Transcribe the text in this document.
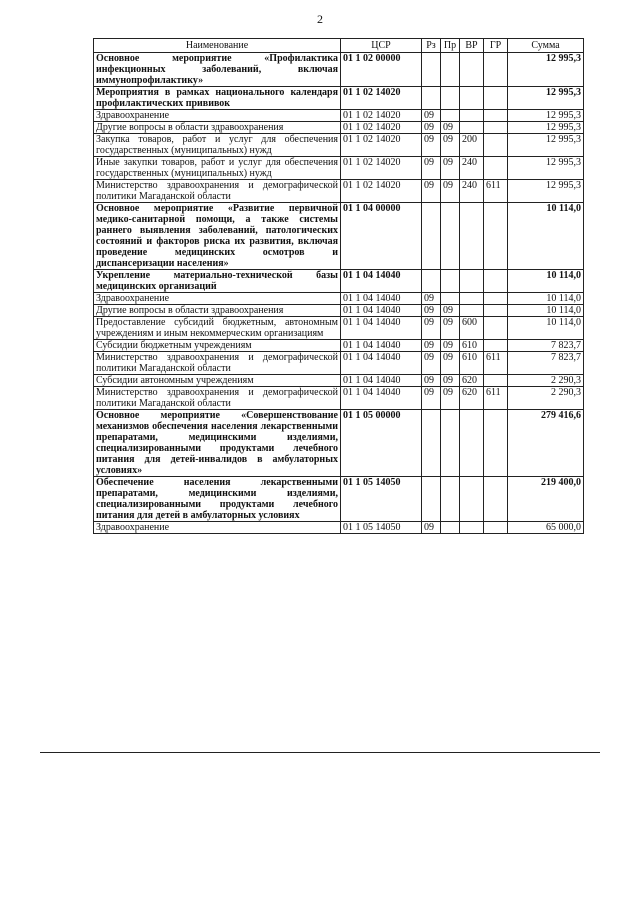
2
Наименование	ЦСР	Рз	Пр	ВР	ГР	Сумма
Основное мероприятие «Профилактика инфекционных заболеваний, включая иммунопрофилактику»	01 1 02 00000					12 995,3
Мероприятия в рамках национального календаря профилактических прививок	01 1 02 14020					12 995,3
Здравоохранение	01 1 02 14020	09				12 995,3
Другие вопросы в области здравоохранения	01 1 02 14020	09	09			12 995,3
Закупка товаров, работ и услуг для обеспечения государственных (муниципальных) нужд	01 1 02 14020	09	09	200		12 995,3
Иные закупки товаров, работ и услуг для обеспечения государственных (муниципальных) нужд	01 1 02 14020	09	09	240		12 995,3
Министерство здравоохранения и демографической политики Магаданской области	01 1 02 14020	09	09	240	611	12 995,3
Основное мероприятие «Развитие первичной медико-санитарной помощи, а также системы раннего выявления заболеваний, патологических состояний и факторов риска их развития, включая проведение медицинских осмотров и диспансеризации населения»	01 1 04 00000					10 114,0
Укрепление материально-технической базы медицинских организаций	01 1 04 14040					10 114,0
Здравоохранение	01 1 04 14040	09				10 114,0
Другие вопросы в области здравоохранения	01 1 04 14040	09	09			10 114,0
Предоставление субсидий бюджетным, автономным учреждениям и иным некоммерческим организациям	01 1 04 14040	09	09	600		10 114,0
Субсидии бюджетным учреждениям	01 1 04 14040	09	09	610		7 823,7
Министерство здравоохранения и демографической политики Магаданской области	01 1 04 14040	09	09	610	611	7 823,7
Субсидии автономным учреждениям	01 1 04 14040	09	09	620		2 290,3
Министерство здравоохранения и демографической политики Магаданской области	01 1 04 14040	09	09	620	611	2 290,3
Основное мероприятие «Совершенствование механизмов обеспечения населения лекарственными препаратами, медицинскими изделиями, специализированными продуктами лечебного питания для детей-инвалидов в амбулаторных условиях»	01 1 05 00000					279 416,6
Обеспечение населения лекарственными препаратами, медицинскими изделиями, специализированными продуктами лечебного питания для детей в амбулаторных условиях	01 1 05 14050					219 400,0
Здравоохранение	01 1 05 14050	09				65 000,0
